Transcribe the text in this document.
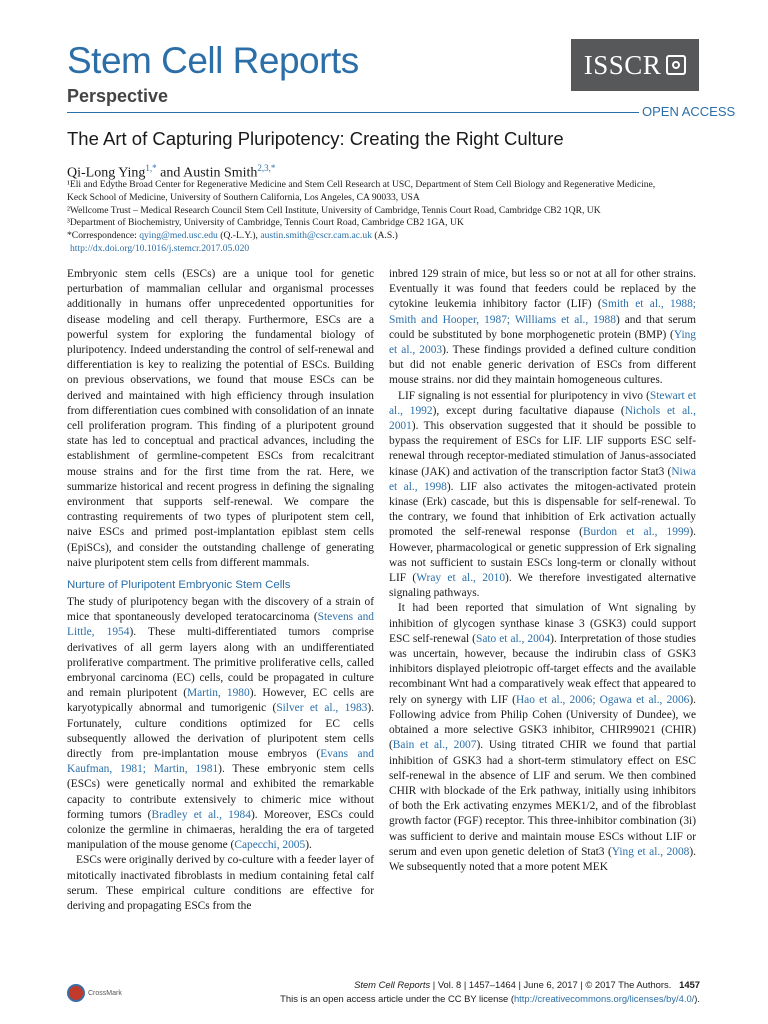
Stem Cell Reports
Perspective
ISSCR
OPEN ACCESS
The Art of Capturing Pluripotency: Creating the Right Culture
Qi-Long Ying$^{1,*}$ and Austin Smith$^{2,3,*}$
¹Eli and Edythe Broad Center for Regenerative Medicine and Stem Cell Research at USC, Department of Stem Cell Biology and Regenerative Medicine,
Keck School of Medicine, University of Southern California, Los Angeles, CA 90033, USA
²Wellcome Trust – Medical Research Council Stem Cell Institute, University of Cambridge, Tennis Court Road, Cambridge CB2 1QR, UK
³Department of Biochemistry, University of Cambridge, Tennis Court Road, Cambridge CB2 1GA, UK
*Correspondence: qying@med.usc.edu (Q.-L.Y.), austin.smith@cscr.cam.ac.uk (A.S.)
http://dx.doi.org/10.1016/j.stemcr.2017.05.020

Embryonic stem cells (ESCs) are a unique tool for genetic perturbation of mammalian cellular and organismal processes additionally in humans offer unprecedented opportunities for disease modeling and cell therapy. Furthermore, ESCs are a powerful system for exploring the fundamental biology of pluripotency. Indeed understanding the control of self-renewal and differentiation is key to realizing the potential of ESCs. Building on previous observations, we found that mouse ESCs can be derived and maintained with high efficiency through insulation from differentiation cues combined with consolidation of an innate cell proliferation program. This finding of a pluripotent ground state has led to conceptual and practical advances, including the establishment of germline-competent ESCs from recalcitrant mouse strains and for the first time from the rat. Here, we summarize historical and recent progress in defining the signaling environment that supports self-renewal. We compare the contrasting requirements of two types of pluripotent stem cell, naive ESCs and primed post-implantation epiblast stem cells (EpiSCs), and consider the outstanding challenge of generating naive pluripotent stem cells from different mammals.

Nurture of Pluripotent Embryonic Stem Cells

The study of pluripotency began with the discovery of a strain of mice that spontaneously developed teratocarcinoma (Stevens and Little, 1954). These multi-differentiated tumors comprise derivatives of all germ layers along with an undifferentiated proliferative compartment. The primitive proliferative cells, called embryonal carcinoma (EC) cells, could be propagated in culture and remain pluripotent (Martin, 1980). However, EC cells are karyotypically abnormal and tumorigenic (Silver et al., 1983). Fortunately, culture conditions optimized for EC cells subsequently allowed the derivation of pluripotent stem cells directly from pre-implantation mouse embryos (Evans and Kaufman, 1981; Martin, 1981). These embryonic stem cells (ESCs) were genetically normal and exhibited the remarkable capacity to contribute extensively to chimeric mice without forming tumors (Bradley et al., 1984). Moreover, ESCs could colonize the germline in chimaeras, heralding the era of targeted manipulation of the mouse genome (Capecchi, 2005).

ESCs were originally derived by co-culture with a feeder layer of mitotically inactivated fibroblasts in medium containing fetal calf serum. These empirical culture conditions are effective for deriving and propagating ESCs from the

inbred 129 strain of mice, but less so or not at all for other strains. Eventually it was found that feeders could be replaced by the cytokine leukemia inhibitory factor (LIF) (Smith et al., 1988; Smith and Hooper, 1987; Williams et al., 1988) and that serum could be substituted by bone morphogenetic protein (BMP) (Ying et al., 2003). These findings provided a defined culture condition but did not enable generic derivation of ESCs from different mouse strains. nor did they maintain homogeneous cultures.

LIF signaling is not essential for pluripotency in vivo (Stewart et al., 1992), except during facultative diapause (Nichols et al., 2001). This observation suggested that it should be possible to bypass the requirement of ESCs for LIF. LIF supports ESC self-renewal through receptor-mediated stimulation of Janus-associated kinase (JAK) and activation of the transcription factor Stat3 (Niwa et al., 1998). LIF also activates the mitogen-activated protein kinase (Erk) cascade, but this is dispensable for self-renewal. To the contrary, we found that inhibition of Erk activation actually promoted the self-renewal response (Burdon et al., 1999). However, pharmacological or genetic suppression of Erk signaling was not sufficient to sustain ESCs long-term or clonally without LIF (Wray et al., 2010). We therefore investigated alternative signaling pathways.

It had been reported that simulation of Wnt signaling by inhibition of glycogen synthase kinase 3 (GSK3) could support ESC self-renewal (Sato et al., 2004). Interpretation of those studies was uncertain, however, because the indirubin class of GSK3 inhibitors displayed pleiotropic off-target effects and the available recombinant Wnt had a comparatively weak effect that appeared to rely on synergy with LIF (Hao et al., 2006; Ogawa et al., 2006). Following advice from Philip Cohen (University of Dundee), we obtained a more selective GSK3 inhibitor, CHIR99021 (CHIR) (Bain et al., 2007). Using titrated CHIR we found that partial inhibition of GSK3 had a short-term stimulatory effect on ESC self-renewal in the absence of LIF and serum. We then combined CHIR with blockade of the Erk pathway, initially using inhibitors of both the Erk activating enzymes MEK1/2, and of the fibroblast growth factor (FGF) receptor. This three-inhibitor combination (3i) was sufficient to derive and maintain mouse ESCs without LIF or serum and even upon genetic deletion of Stat3 (Ying et al., 2008). We subsequently noted that a more potent MEK

CrossMark
Stem Cell Reports | Vol. 8 | 1457–1464 | June 6, 2017 | © 2017 The Authors. 1457
This is an open access article under the CC BY license (http://creativecommons.org/licenses/by/4.0/).
